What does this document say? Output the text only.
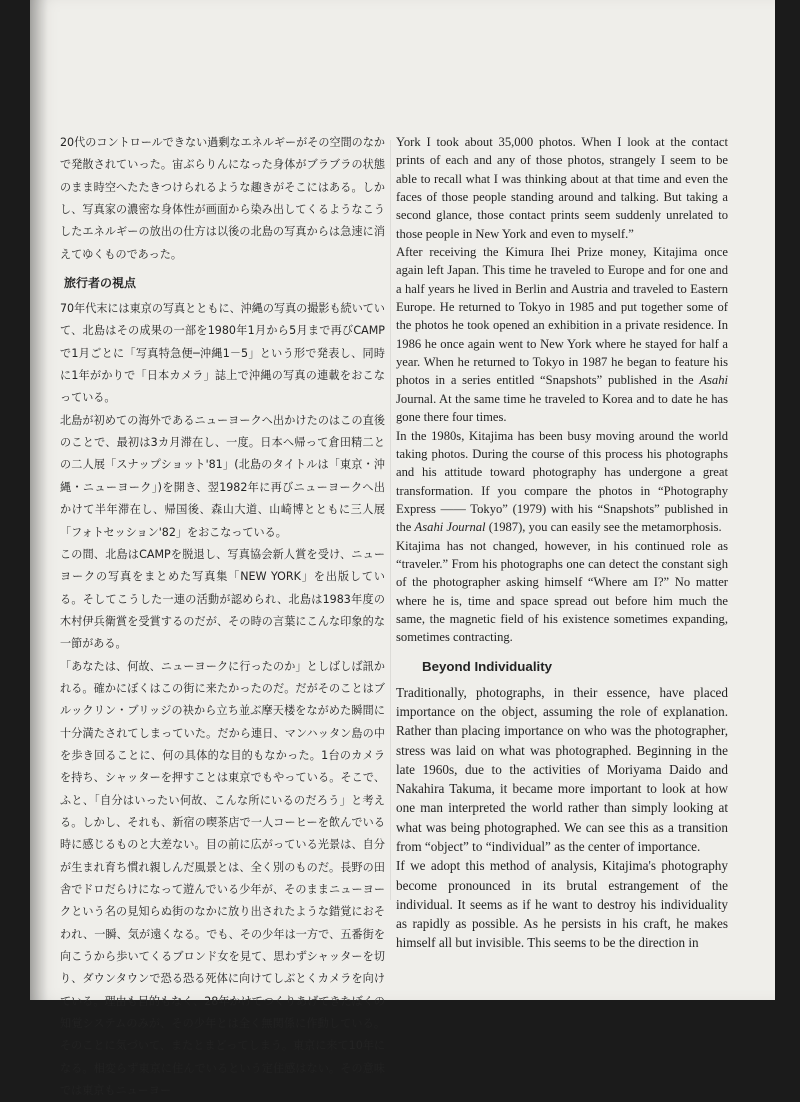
20代のコントロールできない過剰なエネルギーがその空間のなかで発散されていった。宙ぶらりんになった身体がブラブラの状態のまま時空へたたきつけられるような趣きがそこにはある。しかし、写真家の濃密な身体性が画面から染み出してくるようなこうしたエネルギーの放出の仕方は以後の北島の写真からは急速に消えてゆくものであった。

旅行者の視点

70年代末には東京の写真とともに、沖縄の写真の撮影も続いていて、北島はその成果の一部を1980年1月から5月まで再びCAMPで1月ごとに「写真特急便─沖縄1－5」という形で発表し、同時に1年がかりで「日本カメラ」誌上で沖縄の写真の連載をおこなっている。

北島が初めての海外であるニューヨークへ出かけたのはこの直後のことで、最初は3カ月滞在し、一度。日本へ帰って倉田精二との二人展「スナップショット'81」(北島のタイトルは「東京・沖縄・ニューヨーク」)を開き、翌1982年に再びニューヨークへ出かけて半年滞在し、帰国後、森山大道、山崎博とともに三人展「フォトセッション'82」をおこなっている。

この間、北島はCAMPを脱退し、写真協会新人賞を受け、ニューヨークの写真をまとめた写真集「NEW YORK」を出版している。そしてこうした一連の活動が認められ、北島は1983年度の木村伊兵衛賞を受賞するのだが、その時の言葉にこんな印象的な一節がある。

「あなたは、何故、ニューヨークに行ったのか」としばしば訊かれる。確かにぼくはこの街に来たかったのだ。だがそのことはブルックリン・ブリッジの袂から立ち並ぶ摩天楼をながめた瞬間に十分満たされてしまっていた。だから連日、マンハッタン島の中を歩き回ることに、何の具体的な目的もなかった。1台のカメラを持ち、シャッターを押すことは東京でもやっている。そこで、ふと、「自分はいったい何故、こんな所にいるのだろう」と考える。しかし、それも、新宿の喫茶店で一人コーヒーを飲んでいる時に感じるものと大差ない。目の前に広がっている光景は、自分が生まれ育ち慣れ親しんだ風景とは、全く別のものだ。長野の田舎でドロだらけになって遊んでいる少年が、そのままニューヨークという名の見知らぬ街のなかに放り出されたような錯覚におそわれ、一瞬、気が遠くなる。でも、その少年は一方で、五番街を向こうから歩いてくるブロンド女を見て、思わずシャッターを切り、ダウンタウンで恐る恐る死体に向けてしぶとくカメラを向けている。理由も目的もなく、28年かけてつくりあげてきたぼくの知覚システムのみが、その少年とは全く無関係に作動している。そのことに気づいて、またとまどってしまう。東京に来て10年になる。相変らず東京に住んでいるという定住感はない。その意味では東京もニューヨー

York I took about 35,000 photos. When I look at the contact prints of each and any of those photos, strangely I seem to be able to recall what I was thinking about at that time and even the faces of those people standing around and talking. But taking a second glance, those contact prints seem suddenly unrelated to those people in New York and even to myself.”

After receiving the Kimura Ihei Prize money, Kitajima once again left Japan. This time he traveled to Europe and for one and a half years he lived in Berlin and Austria and traveled to Eastern Europe. He returned to Tokyo in 1985 and put together some of the photos he took opened an exhibition in a private residence. In 1986 he once again went to New York where he stayed for half a year. When he returned to Tokyo in 1987 he began to feature his photos in a series entitled “Snapshots” published in the Asahi Journal. At the same time he traveled to Korea and to date he has gone there four times.

In the 1980s, Kitajima has been busy moving around the world taking photos. During the course of this process his photographs and his attitude toward photography has undergone a great transformation. If you compare the photos in “Photography Express —— Tokyo” (1979) with his “Snapshots” published in the Asahi Journal (1987), you can easily see the metamorphosis.

Kitajima has not changed, however, in his continued role as “traveler.” From his photographs one can detect the constant sigh of the photographer asking himself “Where am I?” No matter where he is, time and space spread out before him much the same, the magnetic field of his existence sometimes expanding, sometimes contracting.

Beyond Individuality

Traditionally, photographs, in their essence, have placed importance on the object, assuming the role of explanation. Rather than placing importance on who was the photographer, stress was laid on what was photographed. Beginning in the late 1960s, due to the activities of Moriyama Daido and Nakahira Takuma, it became more important to look at how one man interpreted the world rather than simply looking at what was being photographed. We can see this as a transition from “object” to “individual” as the center of importance.

If we adopt this method of analysis, Kitajima's photography become pronounced in its brutal estrangement of the individual. It seems as if he want to destroy his individuality as rapidly as possible. As he persists in his craft, he makes himself all but invisible. This seems to be the direction in
